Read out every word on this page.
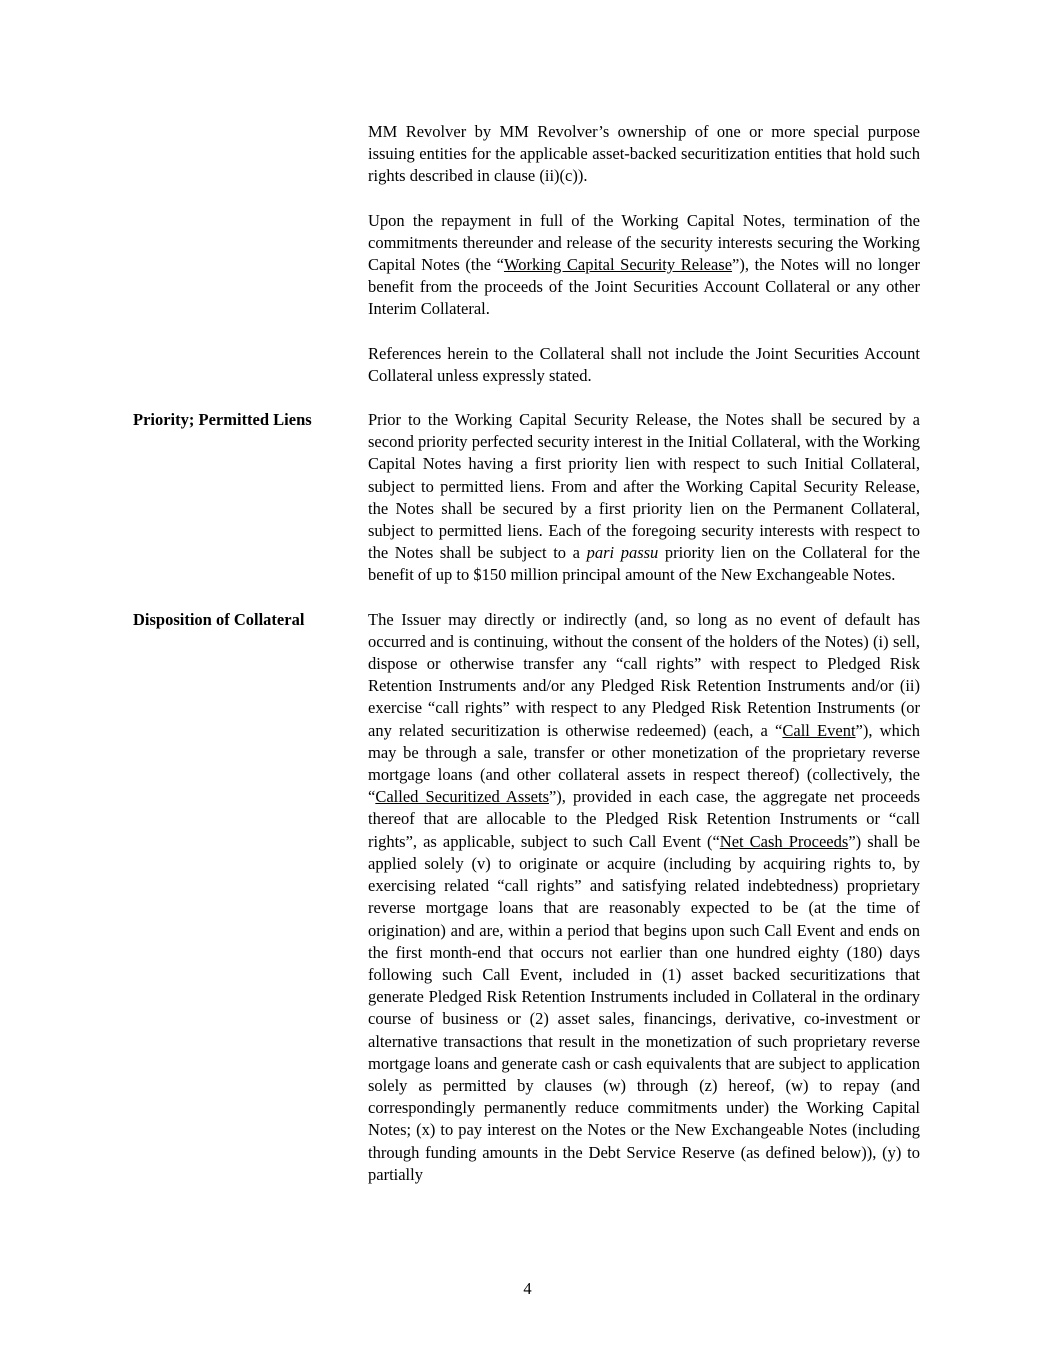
MM Revolver by MM Revolver’s ownership of one or more special purpose issuing entities for the applicable asset-backed securitization entities that hold such rights described in clause (ii)(c)).

Upon the repayment in full of the Working Capital Notes, termination of the commitments thereunder and release of the security interests securing the Working Capital Notes (the “Working Capital Security Release”), the Notes will no longer benefit from the proceeds of the Joint Securities Account Collateral or any other Interim Collateral.

References herein to the Collateral shall not include the Joint Securities Account Collateral unless expressly stated.

Priority; Permitted Liens	Prior to the Working Capital Security Release, the Notes shall be secured by a second priority perfected security interest in the Initial Collateral, with the Working Capital Notes having a first priority lien with respect to such Initial Collateral, subject to permitted liens. From and after the Working Capital Security Release, the Notes shall be secured by a first priority lien on the Permanent Collateral, subject to permitted liens. Each of the foregoing security interests with respect to the Notes shall be subject to a pari passu priority lien on the Collateral for the benefit of up to $150 million principal amount of the New Exchangeable Notes.

Disposition of Collateral	The Issuer may directly or indirectly (and, so long as no event of default has occurred and is continuing, without the consent of the holders of the Notes) (i) sell, dispose or otherwise transfer any “call rights” with respect to Pledged Risk Retention Instruments and/or any Pledged Risk Retention Instruments and/or (ii) exercise “call rights” with respect to any Pledged Risk Retention Instruments (or any related securitization is otherwise redeemed) (each, a “Call Event”), which may be through a sale, transfer or other monetization of the proprietary reverse mortgage loans (and other collateral assets in respect thereof) (collectively, the “Called Securitized Assets”), provided in each case, the aggregate net proceeds thereof that are allocable to the Pledged Risk Retention Instruments or “call rights”, as applicable, subject to such Call Event (“Net Cash Proceeds”) shall be applied solely (v) to originate or acquire (including by acquiring rights to, by exercising related “call rights” and satisfying related indebtedness) proprietary reverse mortgage loans that are reasonably expected to be (at the time of origination) and are, within a period that begins upon such Call Event and ends on the first month-end that occurs not earlier than one hundred eighty (180) days following such Call Event, included in (1) asset backed securitizations that generate Pledged Risk Retention Instruments included in Collateral in the ordinary course of business or (2) asset sales, financings, derivative, co-investment or alternative transactions that result in the monetization of such proprietary reverse mortgage loans and generate cash or cash equivalents that are subject to application solely as permitted by clauses (w) through (z) hereof, (w) to repay (and correspondingly permanently reduce commitments under) the Working Capital Notes; (x) to pay interest on the Notes or the New Exchangeable Notes (including through funding amounts in the Debt Service Reserve (as defined below)), (y) to partially

4
